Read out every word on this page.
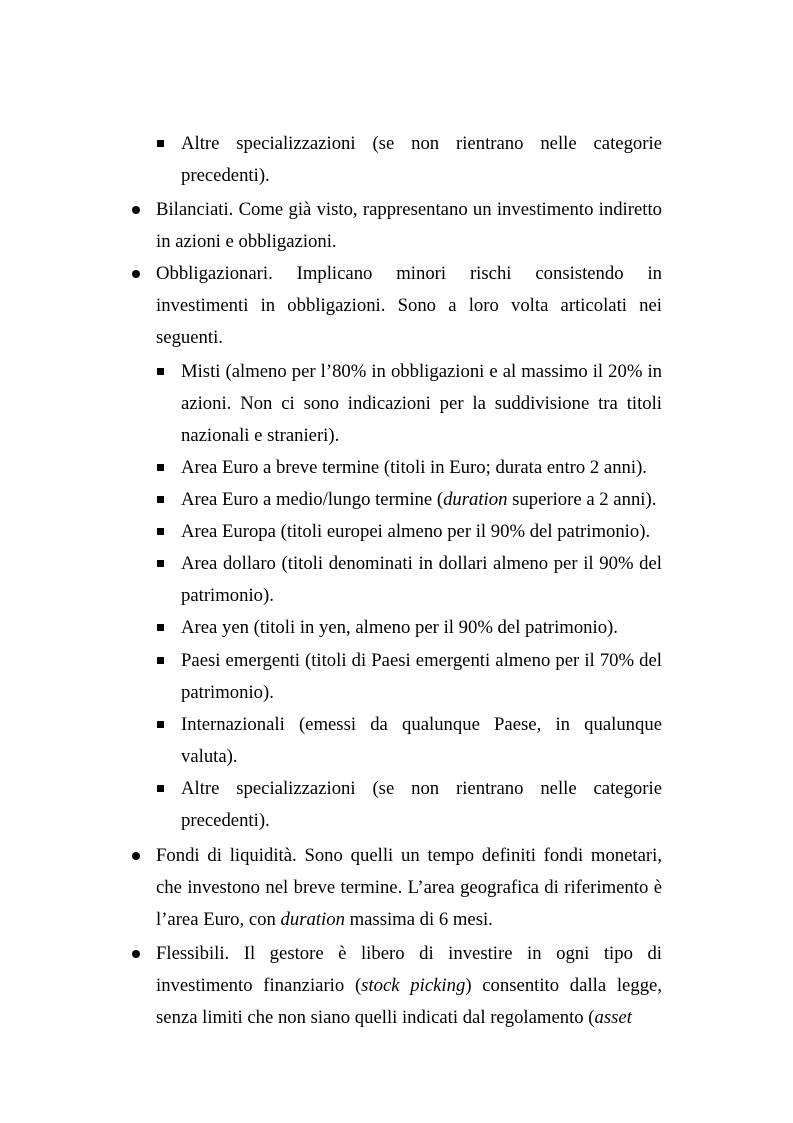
Altre specializzazioni (se non rientrano nelle categorie precedenti).
Bilanciati. Come già visto, rappresentano un investimento indiretto in azioni e obbligazioni.
Obbligazionari. Implicano minori rischi consistendo in investimenti in obbligazioni. Sono a loro volta articolati nei seguenti.
Misti (almeno per l’80% in obbligazioni e al massimo il 20% in azioni. Non ci sono indicazioni per la suddivisione tra titoli nazionali e stranieri).
Area Euro a breve termine (titoli in Euro; durata entro 2 anni).
Area Euro a medio/lungo termine (duration superiore a 2 anni).
Area Europa (titoli europei almeno per il 90% del patrimonio).
Area dollaro (titoli denominati in dollari almeno per il 90% del patrimonio).
Area yen (titoli in yen, almeno per il 90% del patrimonio).
Paesi emergenti (titoli di Paesi emergenti almeno per il 70% del patrimonio).
Internazionali (emessi da qualunque Paese, in qualunque valuta).
Altre specializzazioni (se non rientrano nelle categorie precedenti).
Fondi di liquidità. Sono quelli un tempo definiti fondi monetari, che investono nel breve termine. L’area geografica di riferimento è l’area Euro, con duration massima di 6 mesi.
Flessibili. Il gestore è libero di investire in ogni tipo di investimento finanziario (stock picking) consentito dalla legge, senza limiti che non siano quelli indicati dal regolamento (asset
